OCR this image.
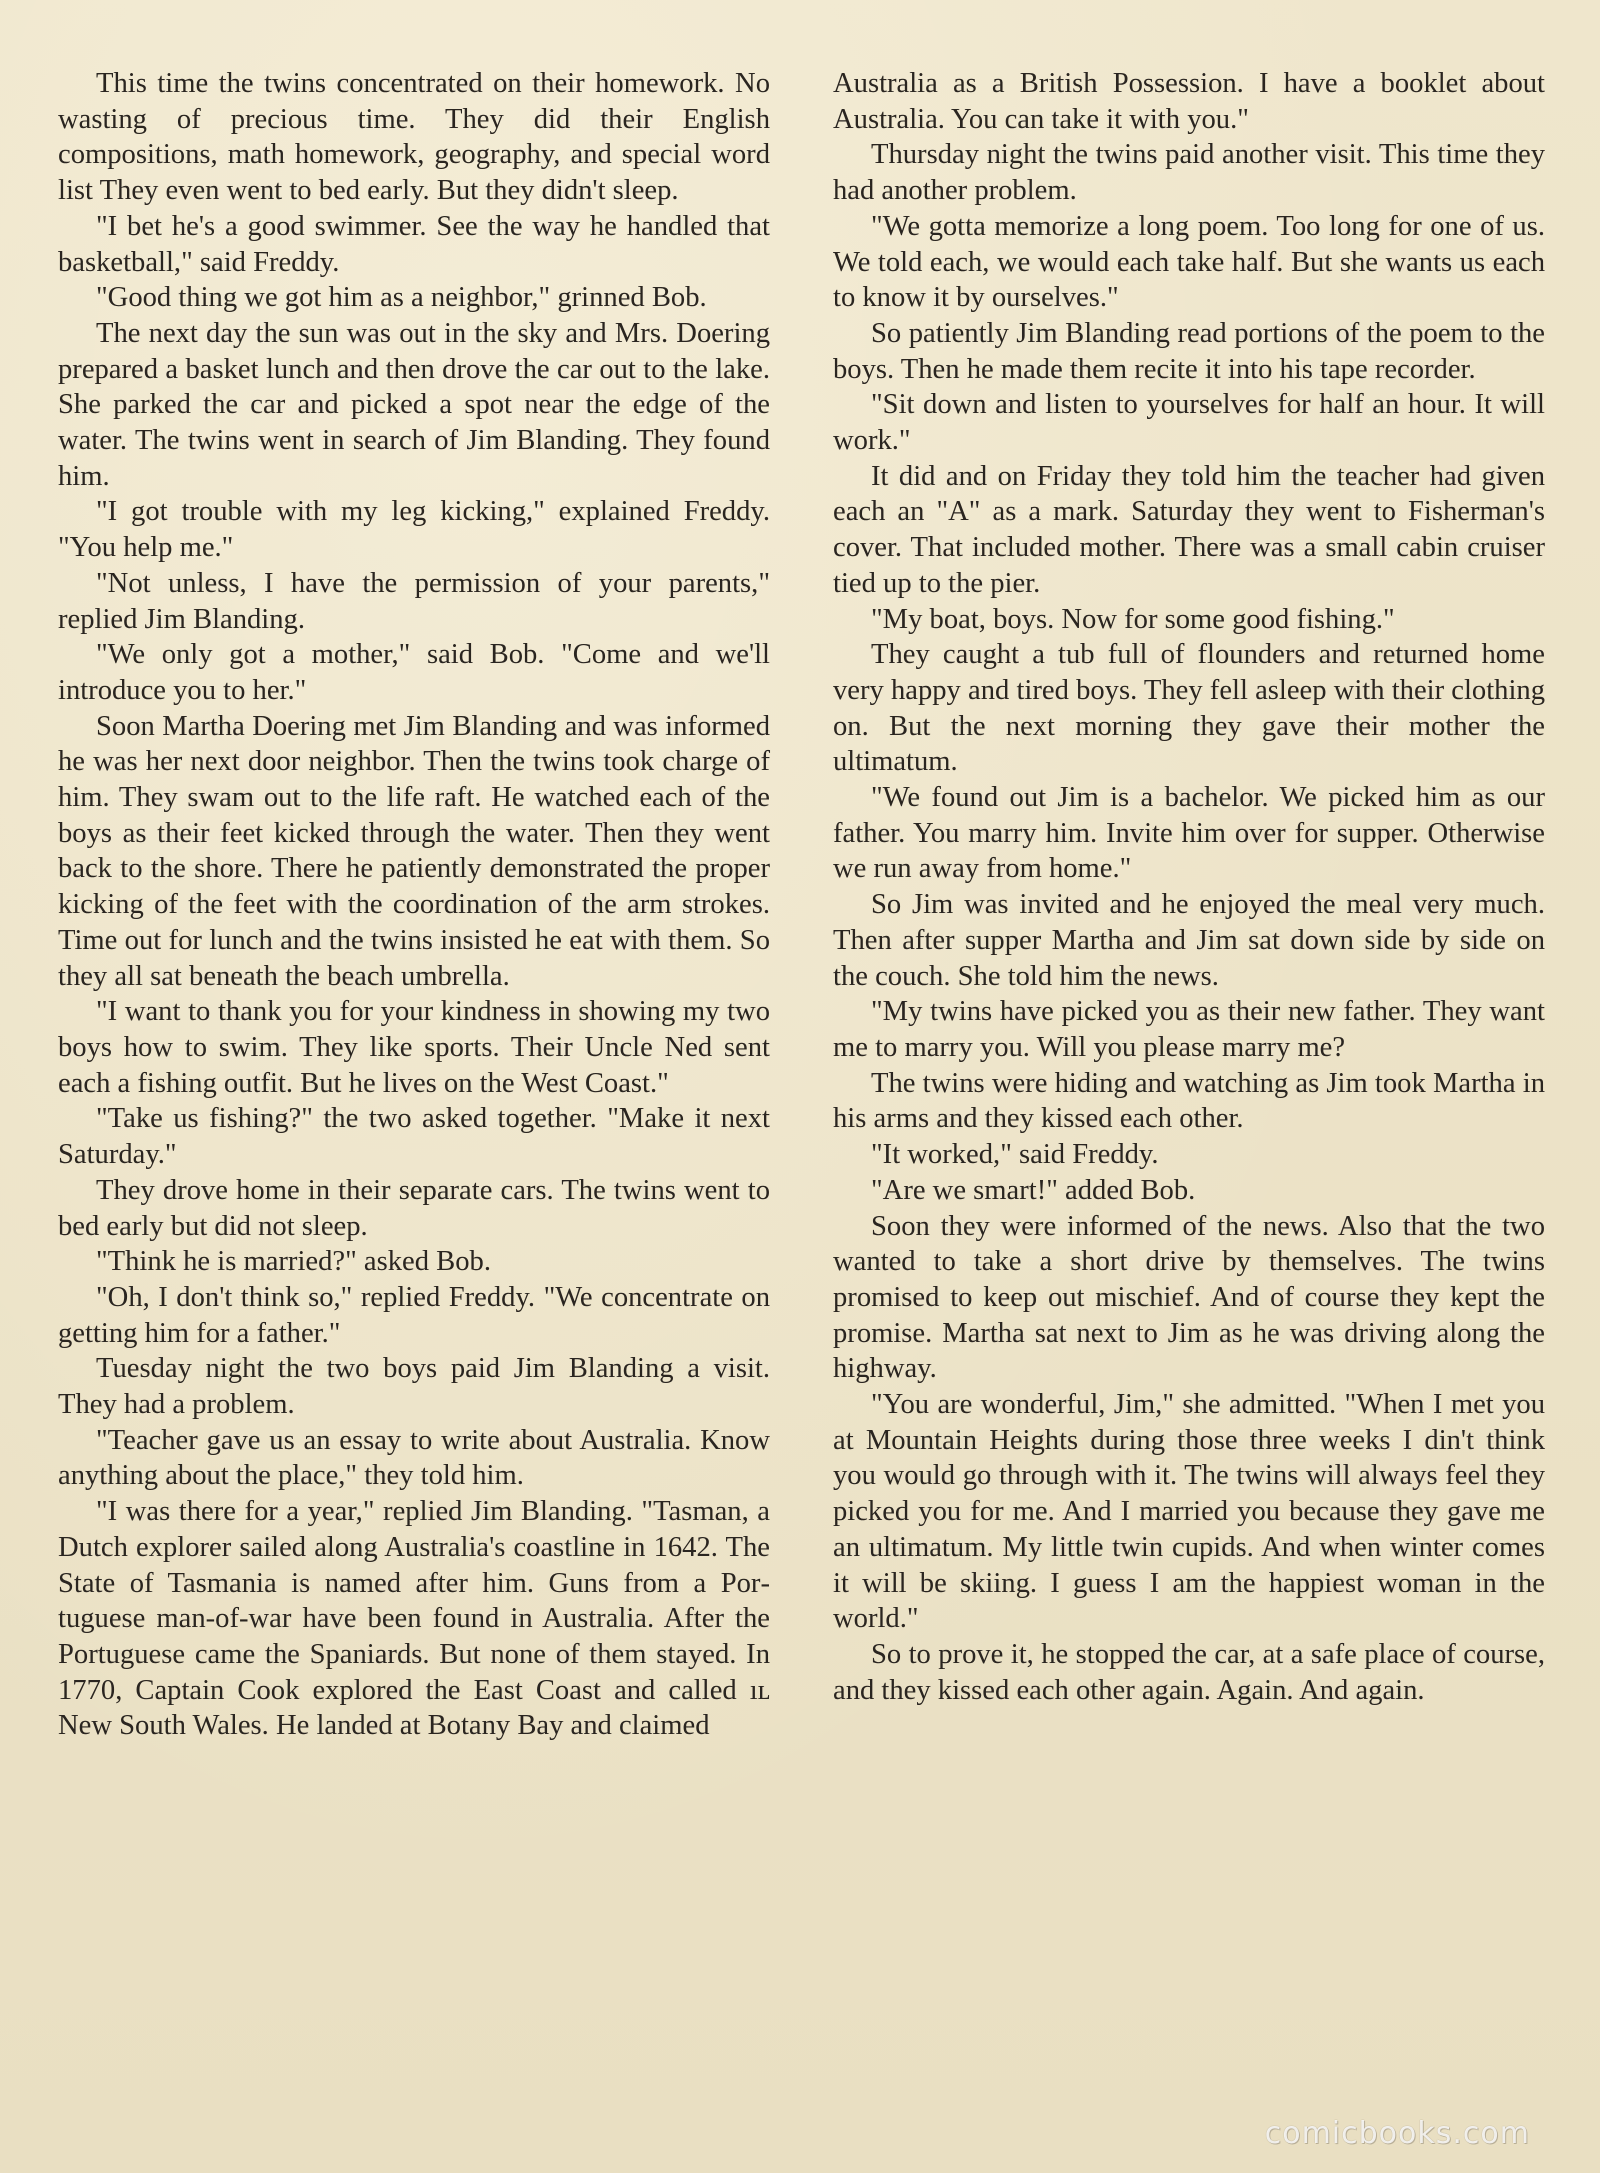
This time the twins concentrated on their homework. No wasting of precious time. They did their English compositions, math homework, geography, and special word list They even went to bed early. But they didn't sleep.

"I bet he's a good swimmer. See the way he handled that basketball," said Freddy.

"Good thing we got him as a neighbor," grinned Bob.

The next day the sun was out in the sky and Mrs. Doering prepared a basket lunch and then drove the car out to the lake. She parked the car and picked a spot near the edge of the water. The twins went in search of Jim Blanding. They found him.

"I got trouble with my leg kicking," explained Freddy. "You help me."

"Not unless, I have the permission of your parents," replied Jim Blanding.

"We only got a mother," said Bob. "Come and we'll introduce you to her."

Soon Martha Doering met Jim Blanding and was informed he was her next door neighbor. Then the twins took charge of him. They swam out to the life raft. He watched each of the boys as their feet kicked through the water. Then they went back to the shore. There he patiently demonstrated the proper kicking of the feet with the coordination of the arm strokes. Time out for lunch and the twins insisted he eat with them. So they all sat beneath the beach umbrella.

"I want to thank you for your kindness in showing my two boys how to swim. They like sports. Their Uncle Ned sent each a fishing outfit. But he lives on the West Coast."

"Take us fishing?" the two asked together. "Make it next Saturday."

They drove home in their separate cars. The twins went to bed early but did not sleep.

"Think he is married?" asked Bob.

"Oh, I don't think so," replied Freddy. "We concentrate on getting him for a father."

Tuesday night the two boys paid Jim Blanding a visit. They had a problem.

"Teacher gave us an essay to write about Australia. Know anything about the place," they told him.

"I was there for a year," replied Jim Blanding. "Tasman, a Dutch explorer sailed along Australia's coastline in 1642. The State of Tasmania is named after him. Guns from a Portuguese man-of-war have been found in Australia. After the Portuguese came the Spaniards. But none of them stayed. In 1770, Captain Cook explored the East Coast and called ıʟ New South Wales. He landed at Botany Bay and claimed

Australia as a British Possession. I have a booklet about Australia. You can take it with you."

Thursday night the twins paid another visit. This time they had another problem.

"We gotta memorize a long poem. Too long for one of us. We told each, we would each take half. But she wants us each to know it by ourselves."

So patiently Jim Blanding read portions of the poem to the boys. Then he made them recite it into his tape recorder.

"Sit down and listen to yourselves for half an hour. It will work."

It did and on Friday they told him the teacher had given each an "A" as a mark. Saturday they went to Fisherman's cover. That included mother. There was a small cabin cruiser tied up to the pier.

"My boat, boys. Now for some good fishing."

They caught a tub full of flounders and returned home very happy and tired boys. They fell asleep with their clothing on. But the next morning they gave their mother the ultimatum.

"We found out Jim is a bachelor. We picked him as our father. You marry him. Invite him over for supper. Otherwise we run away from home."

So Jim was invited and he enjoyed the meal very much. Then after supper Martha and Jim sat down side by side on the couch. She told him the news.

"My twins have picked you as their new father. They want me to marry you. Will you please marry me?

The twins were hiding and watching as Jim took Martha in his arms and they kissed each other.

"It worked," said Freddy.

"Are we smart!" added Bob.

Soon they were informed of the news. Also that the two wanted to take a short drive by themselves. The twins promised to keep out mischief. And of course they kept the promise. Martha sat next to Jim as he was driving along the highway.

"You are wonderful, Jim," she admitted. "When I met you at Mountain Heights during those three weeks I din't think you would go through with it. The twins will always feel they picked you for me. And I married you because they gave me an ultimatum. My little twin cupids. And when winter comes it will be skiing. I guess I am the happiest woman in the world."

So to prove it, he stopped the car, at a safe place of course, and they kissed each other again. Again. And again.

comicbooks.com
